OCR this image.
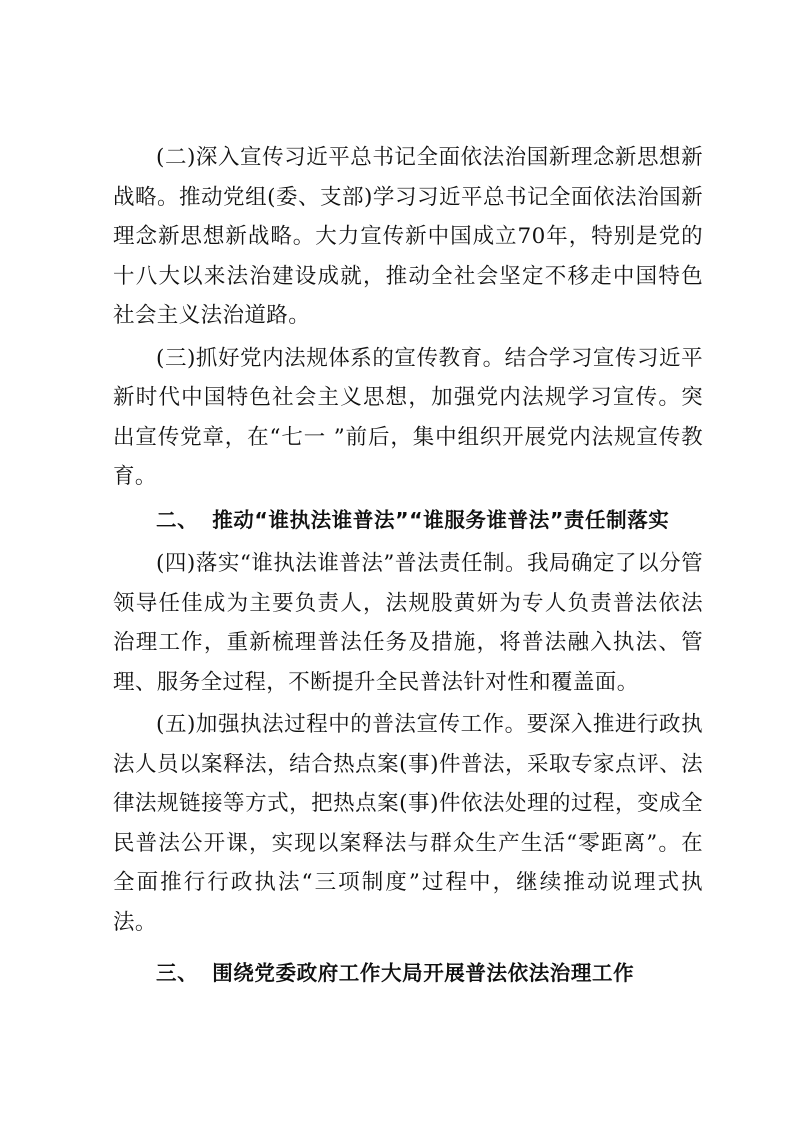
(二)深入宣传习近平总书记全面依法治国新理念新思想新战略。推动党组(委、支部)学习习近平总书记全面依法治国新理念新思想新战略。大力宣传新中国成立70年，特别是党的十八大以来法治建设成就，推动全社会坚定不移走中国特色社会主义法治道路。

(三)抓好党内法规体系的宣传教育。结合学习宣传习近平新时代中国特色社会主义思想，加强党内法规学习宣传。突出宣传党章，在“七一 ”前后，集中组织开展党内法规宣传教育。

二、 推动“谁执法谁普法”“谁服务谁普法”责任制落实

(四)落实“谁执法谁普法”普法责任制。我局确定了以分管领导任佳成为主要负责人，法规股黄妍为专人负责普法依法治理工作，重新梳理普法任务及措施，将普法融入执法、管理、服务全过程，不断提升全民普法针对性和覆盖面。

(五)加强执法过程中的普法宣传工作。要深入推进行政执法人员以案释法，结合热点案(事)件普法，采取专家点评、法律法规链接等方式，把热点案(事)件依法处理的过程，变成全民普法公开课，实现以案释法与群众生产生活“零距离”。在全面推行行政执法“三项制度”过程中，继续推动说理式执法。

三、 围绕党委政府工作大局开展普法依法治理工作
